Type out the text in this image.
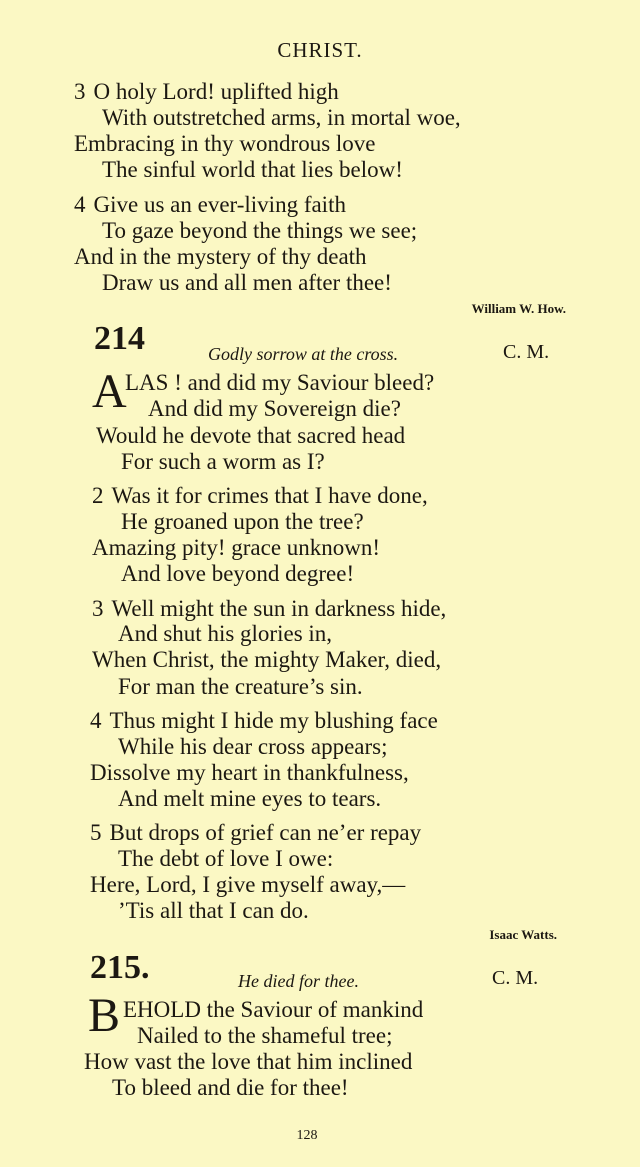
CHRIST.
3 O holy Lord! uplifted high
With outstretched arms, in mortal woe,
Embracing in thy wondrous love
The sinful world that lies below!
4 Give us an ever-living faith
To gaze beyond the things we see;
And in the mystery of thy death
Draw us and all men after thee!
William W. How.
214	Godly sorrow at the cross.	C. M.
A
LAS ! and did my Saviour bleed?
And did my Sovereign die?
Would he devote that sacred head
For such a worm as I?
2 Was it for crimes that I have done,
He groaned upon the tree?
Amazing pity! grace unknown!
And love beyond degree!
3 Well might the sun in darkness hide,
And shut his glories in,
When Christ, the mighty Maker, died,
For man the creature’s sin.
4 Thus might I hide my blushing face
While his dear cross appears;
Dissolve my heart in thankfulness,
And melt mine eyes to tears.
5 But drops of grief can ne’er repay
The debt of love I owe:
Here, Lord, I give myself away,—
’Tis all that I can do.
Isaac Watts.
215.	He died for thee.	C. M.
B EHOLD the Saviour of mankind
Nailed to the shameful tree;
How vast the love that him inclined
To bleed and die for thee!
128
